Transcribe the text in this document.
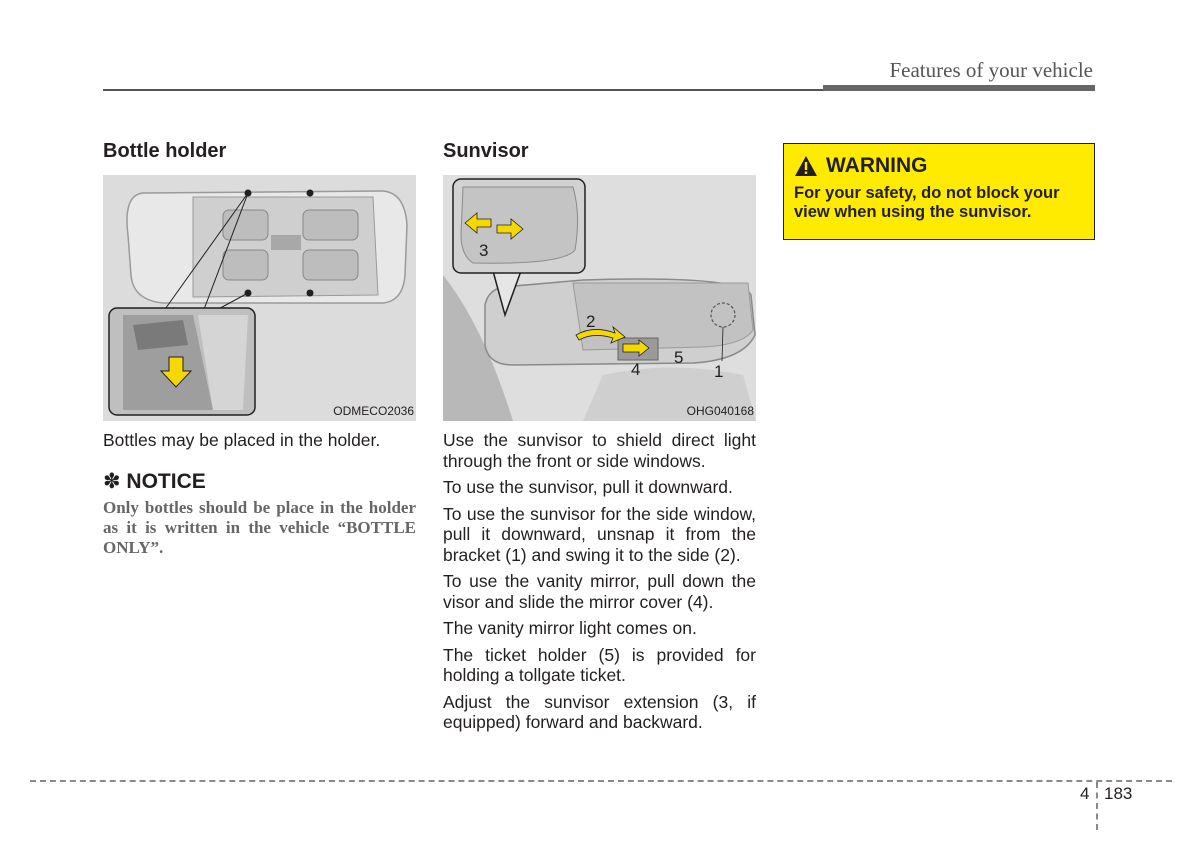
Features of your vehicle
Bottle holder
ODMECO2036

Bottles may be placed in the holder.

✽ NOTICE
Only bottles should be place in the holder as it is written in the vehicle “BOTTLE ONLY”.
Sunvisor
2
5
4	1
3
OHG040168

Use the sunvisor to shield direct light through the front or side windows.

To use the sunvisor, pull it downward.

To use the sunvisor for the side window, pull it downward, unsnap it from the bracket (1) and swing it to the side (2).

To use the vanity mirror, pull down the visor and slide the mirror cover (4).

The vanity mirror light comes on.

The ticket holder (5) is provided for holding a tollgate ticket.

Adjust the sunvisor extension (3, if equipped) forward and backward.

WARNING
For your safety, do not block your view when using the sunvisor.
4 183
